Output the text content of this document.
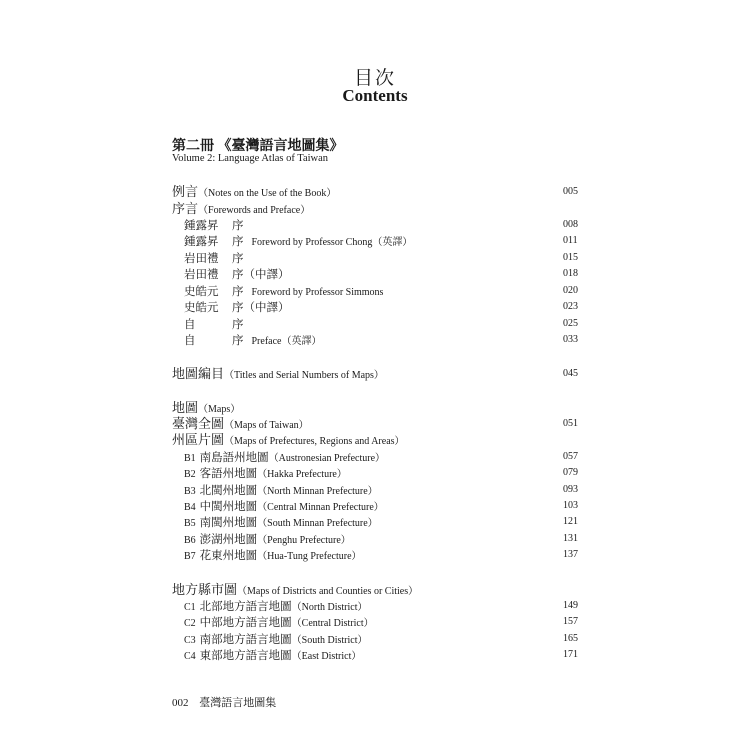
目次
Contents
第二冊 《臺灣語言地圖集》
Volume 2: Language Atlas of Taiwan
例言（Notes on the Use of the Book）	005
序言（Forewords and Preface）
鍾露昇 序	008
鍾露昇 序 Foreword by Professor Chong（英譯）	011
岩田禮 序	015
岩田禮 序（中譯）	018
史皓元 序 Foreword by Professor Simmons	020
史皓元 序（中譯）	023
自	序	025
自	序 Preface（英譯）	033
地圖編目（Titles and Serial Numbers of Maps）	045
地圖（Maps）
臺灣全圖（Maps of Taiwan）	051
州區片圖（Maps of Prefectures, Regions and Areas）
B1 南島語州地圖（Austronesian Prefecture）	057
B2 客語州地圖（Hakka Prefecture）	079
B3 北閩州地圖（North Minnan Prefecture）	093
B4 中閩州地圖（Central Minnan Prefecture）	103
B5 南閩州地圖（South Minnan Prefecture）	121
B6 澎湖州地圖（Penghu Prefecture）	131
B7 花東州地圖（Hua-Tung Prefecture）	137
地方縣市圖（Maps of Districts and Counties or Cities）
C1 北部地方語言地圖（North District）	149
C2 中部地方語言地圖（Central District）	157
C3 南部地方語言地圖（South District）	165
C4 東部地方語言地圖（East District）	171
002 臺灣語言地圖集
